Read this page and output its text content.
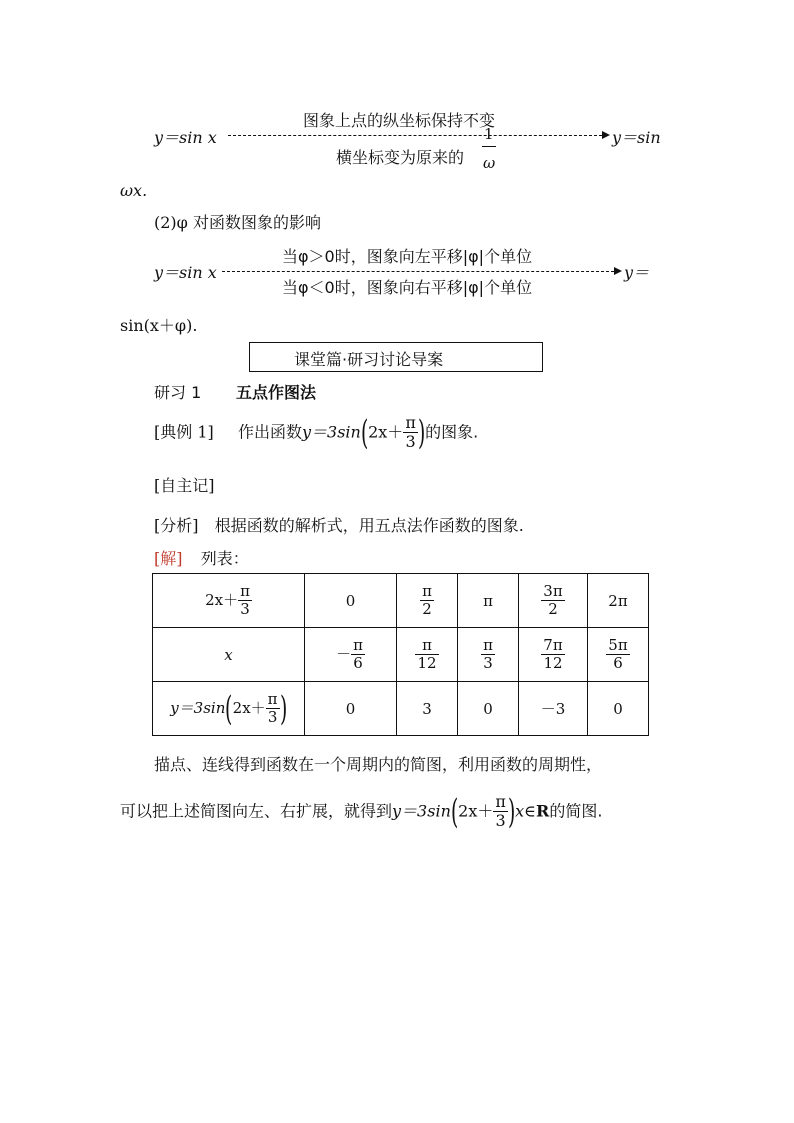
图象上点的纵坐标保持不变
y＝sin x	y＝sin
横坐标变为原来的
1
ω
ωx.
(2)φ 对函数图象的影响
当φ＞0时，图象向左平移|φ|个单位
y＝sin x	y＝
当φ＜0时，图象向右平移|φ|个单位
sin(x＋φ).
课堂篇·研习讨论导案
研习 1 五点作图法
[典例 1] 作出函数$y=3\sin(2x+ \frac{\pi}{3}$ )的图象.
[自主记]
[分析] 根据函数的解析式，用五点法作函数的图象.
[解] 列表：
$2x+ \frac{\pi}{3}$	0	$\frac{\pi}{2}$	π	$\frac{3\pi}{2}$	2π
x	－ $\frac{\pi}{6}$	$\frac{\pi}{12}$	$\frac{\pi}{3}$	$\frac{7\pi}{12}$	$\frac{5\pi}{6}$

$y=3\sin(2x+ \frac{\pi}{3}$ )	0	3	0	－3	0
描点、连线得到函数在一个周期内的简图，利用函数的周期性，
可以把上述简图向左、右扩展，就得到$y=3\sin(2x+ \frac{\pi}{3}$ )x∈R的简图.
